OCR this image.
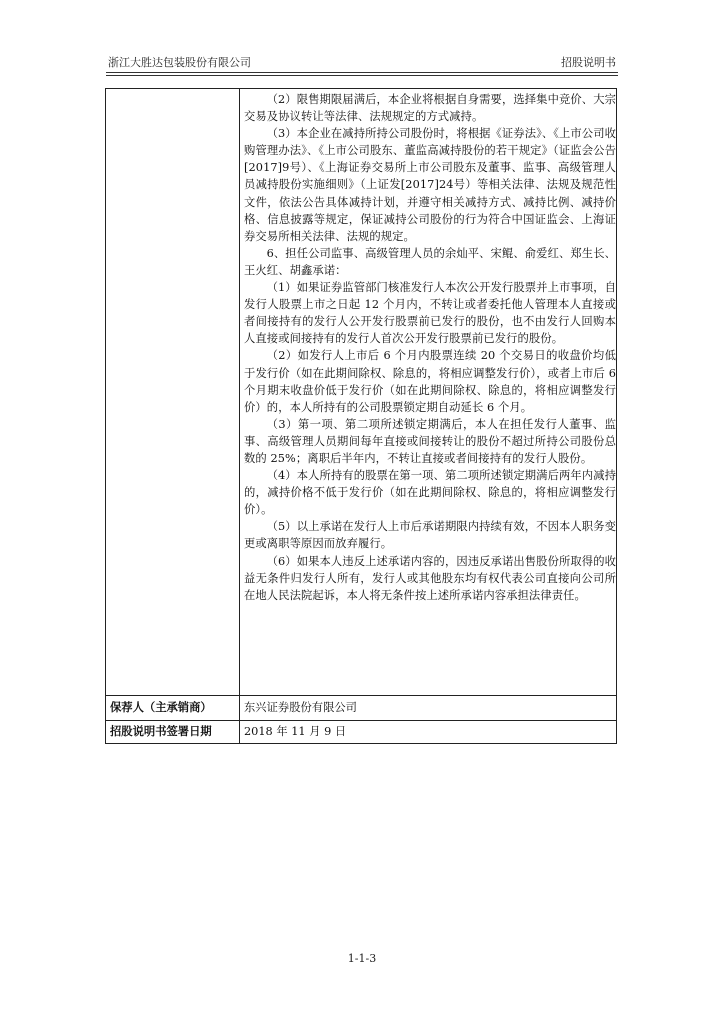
浙江大胜达包装股份有限公司	招股说明书

（2）限售期限届满后，本企业将根据自身需要，选择集中竞价、大宗交易及协议转让等法律、法规规定的方式减持。

（3）本企业在减持所持公司股份时，将根据《证券法》、《上市公司收购管理办法》、《上市公司股东、董监高减持股份的若干规定》（证监会公告[2017]9号）、《上海证券交易所上市公司股东及董事、监事、高级管理人员减持股份实施细则》（上证发[2017]24号）等相关法律、法规及规范性文件，依法公告具体减持计划，并遵守相关减持方式、减持比例、减持价格、信息披露等规定，保证减持公司股份的行为符合中国证监会、上海证券交易所相关法律、法规的规定。

6、担任公司监事、高级管理人员的余灿平、宋鲲、俞爱红、郑生长、王火红、胡鑫承诺：

（1）如果证券监管部门核准发行人本次公开发行股票并上市事项，自发行人股票上市之日起 12 个月内，不转让或者委托他人管理本人直接或者间接持有的发行人公开发行股票前已发行的股份，也不由发行人回购本人直接或间接持有的发行人首次公开发行股票前已发行的股份。

（2）如发行人上市后 6 个月内股票连续 20 个交易日的收盘价均低于发行价（如在此期间除权、除息的，将相应调整发行价），或者上市后 6 个月期末收盘价低于发行价（如在此期间除权、除息的，将相应调整发行价）的，本人所持有的公司股票锁定期自动延长 6 个月。

（3）第一项、第二项所述锁定期满后，本人在担任发行人董事、监事、高级管理人员期间每年直接或间接转让的股份不超过所持公司股份总数的 25%；离职后半年内，不转让直接或者间接持有的发行人股份。

（4）本人所持有的股票在第一项、第二项所述锁定期满后两年内减持的，减持价格不低于发行价（如在此期间除权、除息的，将相应调整发行价）。

（5）以上承诺在发行人上市后承诺期限内持续有效，不因本人职务变更或离职等原因而放弃履行。

（6）如果本人违反上述承诺内容的，因违反承诺出售股份所取得的收益无条件归发行人所有，发行人或其他股东均有权代表公司直接向公司所在地人民法院起诉，本人将无条件按上述所承诺内容承担法律责任。

保荐人（主承销商）	东兴证券股份有限公司
招股说明书签署日期	2018 年 11 月 9 日
1-1-3
